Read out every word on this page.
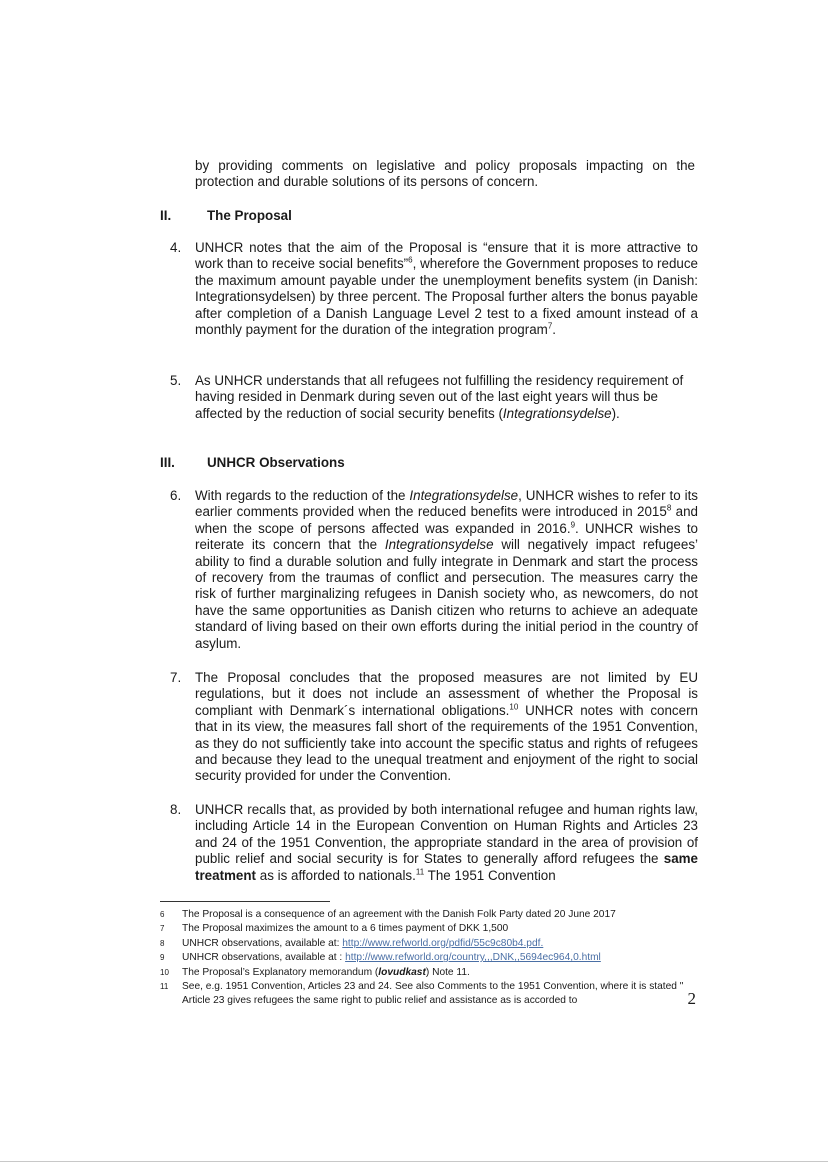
by providing comments on legislative and policy proposals impacting on the protection and durable solutions of its persons of concern.

II.	The Proposal
4.	UNHCR notes that the aim of the Proposal is “ensure that it is more attractive to work than to receive social benefits”$^6$, wherefore the Government proposes to reduce the maximum amount payable under the unemployment benefits system (in Danish: Integrationsydelsen) by three percent. The Proposal further alters the bonus payable after completion of a Danish Language Level 2 test to a fixed amount instead of a monthly payment for the duration of the integration program$^7$.
5.	As UNHCR understands that all refugees not fulfilling the residency requirement of having resided in Denmark during seven out of the last eight years will thus be affected by the reduction of social security benefits (Integrationsydelse).
III. UNHCR Observations
6.	With regards to the reduction of the Integrationsydelse, UNHCR wishes to refer to its earlier comments provided when the reduced benefits were introduced in 2015$^8$ and when the scope of persons affected was expanded in 2016.$^9$. UNHCR wishes to reiterate its concern that the Integrationsydelse will negatively impact refugees’ ability to find a durable solution and fully integrate in Denmark and start the process of recovery from the traumas of conflict and persecution. The measures carry the risk of further marginalizing refugees in Danish society who, as newcomers, do not have the same opportunities as Danish citizen who returns to achieve an adequate standard of living based on their own efforts during the initial period in the country of asylum.
7.	The Proposal concludes that the proposed measures are not limited by EU regulations, but it does not include an assessment of whether the Proposal is compliant with Denmark´s international obligations.$^{10}$ UNHCR notes with concern that in its view, the measures fall short of the requirements of the 1951 Convention, as they do not sufficiently take into account the specific status and rights of refugees and because they lead to the unequal treatment and enjoyment of the right to social security provided for under the Convention.
8.	UNHCR recalls that, as provided by both international refugee and human rights law, including Article 14 in the European Convention on Human Rights and Articles 23 and 24 of the 1951 Convention, the appropriate standard in the area of provision of public relief and social security is for States to generally afford refugees the same treatment as is afforded to nationals.$^{11}$ The 1951 Convention
6	The Proposal is a consequence of an agreement with the Danish Folk Party dated 20 June 2017
7	The Proposal maximizes the amount to a 6 times payment of DKK 1,500
8	UNHCR observations, available at: http://www.refworld.org/pdfid/55c9c80b4.pdf.
9	UNHCR observations, available at : http://www.refworld.org/country,,,DNK,,5694ec964,0.html
10	The Proposal’s Explanatory memorandum (lovudkast) Note 11.
11	See, e.g. 1951 Convention, Articles 23 and 24. See also Comments to the 1951 Convention, where it is stated " Article 23 gives refugees the same right to public relief and assistance as is accorded to	2
